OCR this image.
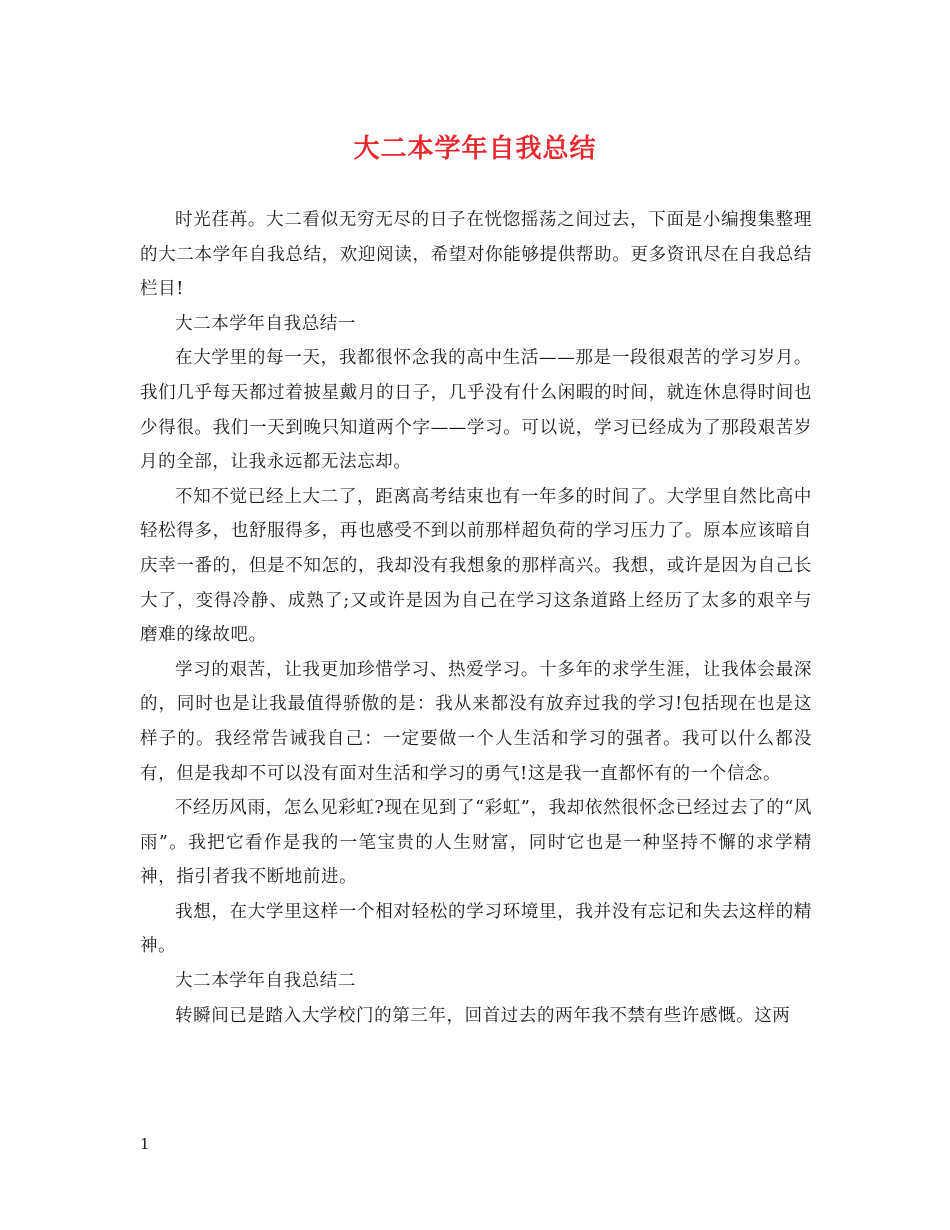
大二本学年自我总结

时光荏苒。大二看似无穷无尽的日子在恍惚摇荡之间过去，下面是小编搜集整理的大二本学年自我总结，欢迎阅读，希望对你能够提供帮助。更多资讯尽在自我总结栏目!

大二本学年自我总结一

在大学里的每一天，我都很怀念我的高中生活——那是一段很艰苦的学习岁月。我们几乎每天都过着披星戴月的日子，几乎没有什么闲暇的时间，就连休息得时间也少得很。我们一天到晚只知道两个字——学习。可以说，学习已经成为了那段艰苦岁月的全部，让我永远都无法忘却。

不知不觉已经上大二了，距离高考结束也有一年多的时间了。大学里自然比高中轻松得多，也舒服得多，再也感受不到以前那样超负荷的学习压力了。原本应该暗自庆幸一番的，但是不知怎的，我却没有我想象的那样高兴。我想，或许是因为自己长大了，变得冷静、成熟了;又或许是因为自己在学习这条道路上经历了太多的艰辛与磨难的缘故吧。

学习的艰苦，让我更加珍惜学习、热爱学习。十多年的求学生涯，让我体会最深的，同时也是让我最值得骄傲的是：我从来都没有放弃过我的学习!包括现在也是这样子的。我经常告诫我自己：一定要做一个人生活和学习的强者。我可以什么都没有，但是我却不可以没有面对生活和学习的勇气!这是我一直都怀有的一个信念。

不经历风雨，怎么见彩虹?现在见到了“彩虹”，我却依然很怀念已经过去了的“风雨”。我把它看作是我的一笔宝贵的人生财富，同时它也是一种坚持不懈的求学精神，指引者我不断地前进。

我想，在大学里这样一个相对轻松的学习环境里，我并没有忘记和失去这样的精神。

大二本学年自我总结二

转瞬间已是踏入大学校门的第三年，回首过去的两年我不禁有些许感慨。这两

1
